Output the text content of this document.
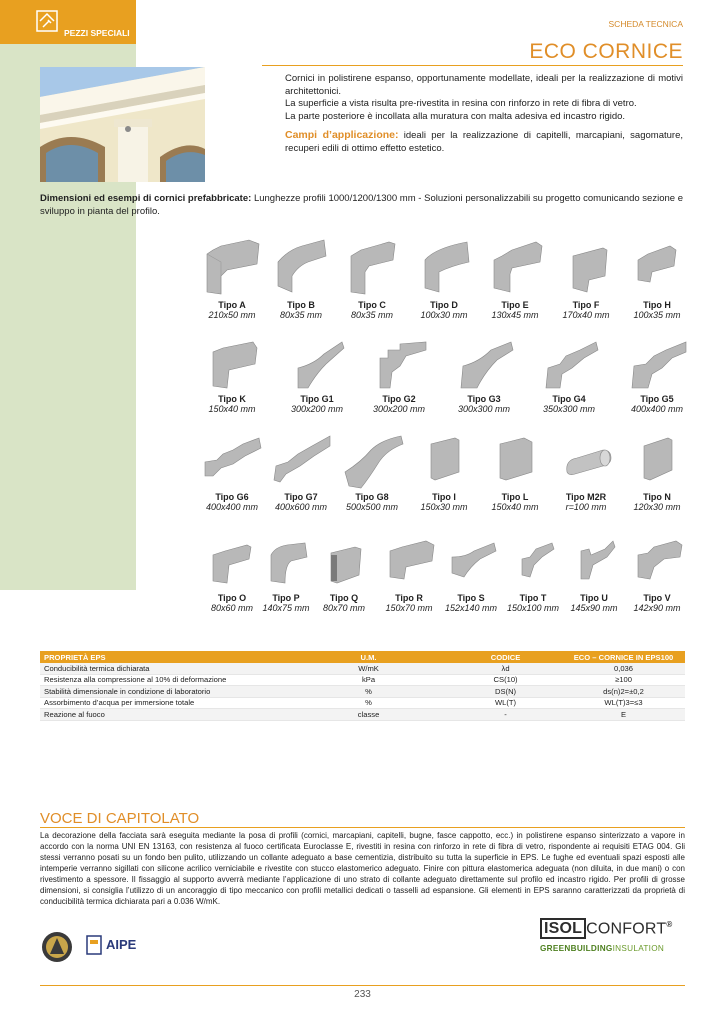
PEZZI SPECIALI
SCHEDA TECNICA
ECO CORNICE

Cornici in polistirene espanso, opportunamente modellate, ideali per la realizzazione di motivi architettonici.

La superficie a vista risulta pre-rivestita in resina con rinforzo in rete di fibra di vetro.

La parte posteriore è incollata alla muratura con malta adesiva ed incastro rigido.

Campi d’applicazione: ideali per la realizzazione di capitelli, marcapiani, sagomature, recuperi edili di ottimo effetto estetico.

Dimensioni ed esempi di cornici prefabbricate: Lunghezze profili 1000/1200/1300 mm - Soluzioni personalizzabili su progetto comunicando sezione e sviluppo in pianta del profilo.
Tipo A
210x50 mm
Tipo B
80x35 mm
Tipo C
80x35 mm
Tipo D
100x30 mm
Tipo E
130x45 mm
Tipo F
170x40 mm
Tipo H
100x35 mm
Tipo K
150x40 mm
Tipo G1
300x200 mm
Tipo G2
300x200 mm
Tipo G3
300x300 mm
Tipo G4
350x300 mm
Tipo G5
400x400 mm
Tipo G6
400x400 mm
Tipo G7
400x600 mm
Tipo G8
500x500 mm
Tipo I
150x30 mm
Tipo L
150x40 mm
Tipo M2R
r=100 mm
Tipo N
120x30 mm
Tipo O
80x60 mm
Tipo P
140x75 mm
Tipo Q
80x70 mm
Tipo R
150x70 mm
Tipo S
152x140 mm
Tipo T
150x100 mm
Tipo U
145x90 mm
Tipo V
142x90 mm
PROPRIETÀ EPS	U.M.	CODICE	ECO – CORNICE IN EPS100
Conducibilità termica dichiarata	W/mK	λd	0,036
Resistenza alla compressione al 10% di deformazione	kPa	CS(10)	≥100
Stabilità dimensionale in condizione di laboratorio	%	DS(N)	ds(n)2=±0,2
Assorbimento d’acqua per immersione totale	%	WL(T)	WL(T)3=≤3
Reazione al fuoco	classe	-	E
VOCE DI CAPITOLATO
La decorazione della facciata sarà eseguita mediante la posa di profili (cornici, marcapiani, capitelli, bugne, fasce cappotto, ecc.) in polistirene espanso sinterizzato a vapore in accordo con la norma UNI EN 13163, con resistenza al fuoco certificata Euroclasse E, rivestiti in resina con rinforzo in rete di fibra di vetro, rispondente ai requisiti ETAG 004. Gli stessi verranno posati su un fondo ben pulito, utilizzando un collante adeguato a base cementizia, distribuito su tutta la superficie in EPS. Le fughe ed eventuali spazi esposti alle intemperie verranno sigillati con silicone acrilico verniciabile e rivestite con stucco elastomerico adeguato. Finire con pittura elastomerica adeguata (non diluita, in due mani) o con rivestimento a spessore. Il fissaggio al supporto avverrà mediante l’applicazione di uno strato di collante adeguato direttamente sul profilo ed incastro rigido. Per profili di grosse dimensioni, si consiglia l’utilizzo di un ancoraggio di tipo meccanico con profili metallici dedicati o tasselli ad espansione. Gli elementi in EPS saranno caratterizzati da proprietà di conducibilità termica dichiarata pari a 0.036 W/mK.
AIPE
ISOL CONFORT®
GREENBUILDINGINSULATION
233
